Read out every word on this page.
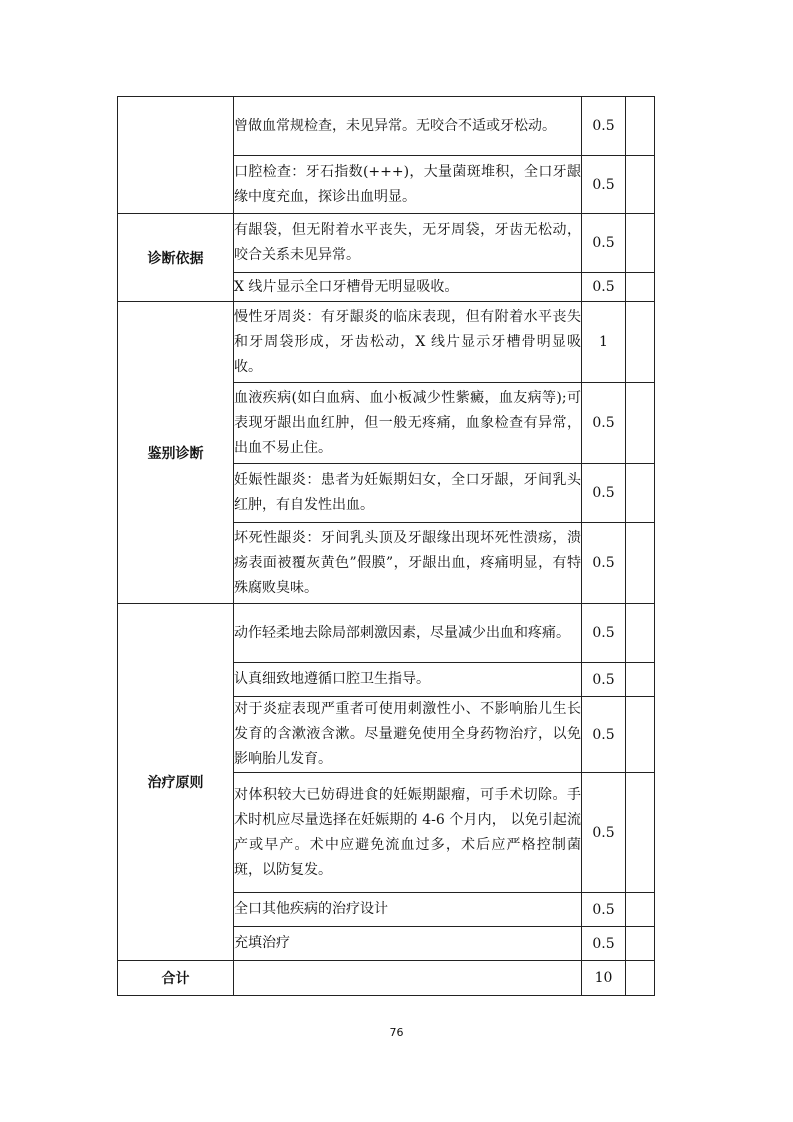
	曾做血常规检查，未见异常。无咬合不适或牙松动。	0.5	
	口腔检查：牙石指数(+++)，大量菌斑堆积，全口牙龈缘中度充血，探诊出血明显。	0.5	
诊断依据	有龈袋，但无附着水平丧失，无牙周袋，牙齿无松动，咬合关系未见异常。	0.5	
	X 线片显示全口牙槽骨无明显吸收。	0.5	
鉴别诊断	慢性牙周炎：有牙龈炎的临床表现，但有附着水平丧失和牙周袋形成，牙齿松动，X 线片显示牙槽骨明显吸收。	1	
	血液疾病(如白血病、血小板减少性紫癜，血友病等);可表现牙龈出血红肿，但一般无疼痛，血象检查有异常，出血不易止住。	0.5	
	妊娠性龈炎：患者为妊娠期妇女，全口牙龈，牙间乳头红肿，有自发性出血。	0.5	
	坏死性龈炎：牙间乳头顶及牙龈缘出现坏死性溃疡，溃疡表面被覆灰黄色”假膜”，牙龈出血，疼痛明显，有特殊腐败臭味。	0.5	
治疗原则	动作轻柔地去除局部刺激因素，尽量减少出血和疼痛。	0.5	
	认真细致地遵循口腔卫生指导。	0.5	
	对于炎症表现严重者可使用刺激性小、不影响胎儿生长发育的含漱液含漱。尽量避免使用全身药物治疗，以免影响胎儿发育。	0.5	
	对体积较大已妨碍进食的妊娠期龈瘤，可手术切除。手术时机应尽量选择在妊娠期的 4-6 个月内， 以免引起流产或早产。术中应避免流血过多，术后应严格控制菌斑，以防复发。	0.5	
	全口其他疾病的治疗设计	0.5	
	充填治疗	0.5	
合计		10	
76
